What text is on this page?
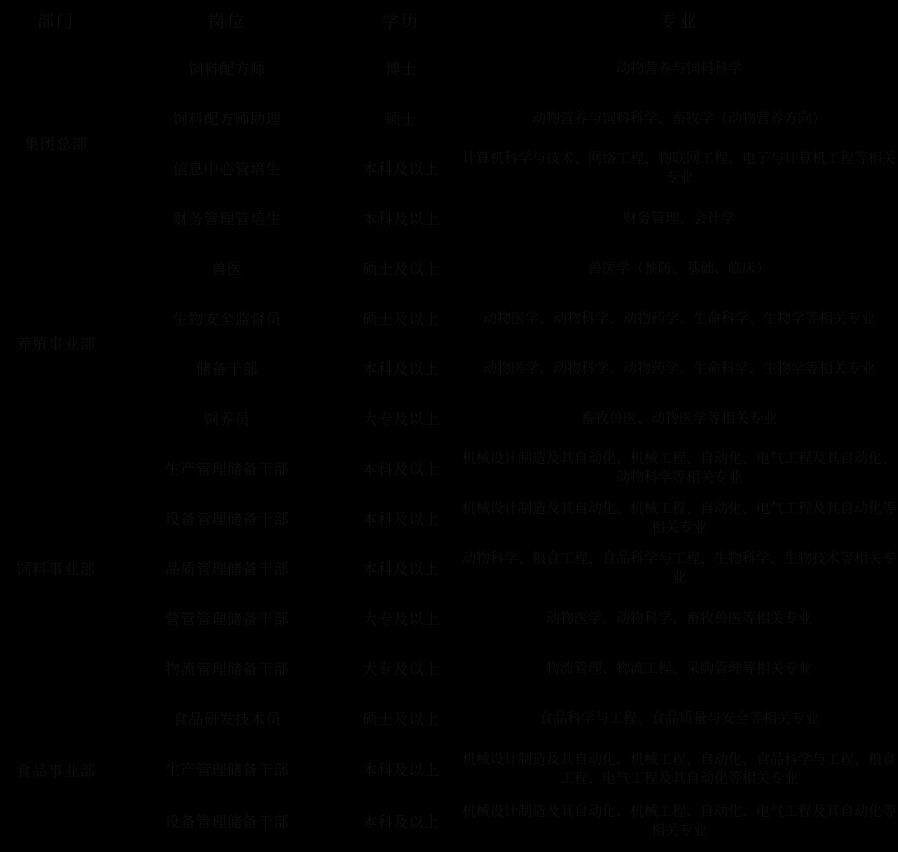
部门	岗位	学历	专业
集团总部	饲料配方师	博士	动物营养与饲料科学
	饲料配方师助理	硕士	动物营养与饲料科学、畜牧学（动物营养方向）
	信息中心管培生	本科及以上	计算机科学与技术、网络工程、物联网工程、电子与计算机工程等相关专业
	财务管理管培生	本科及以上	财务管理、会计学
养殖事业部	兽医	硕士及以上	兽医学（预防、基础、临床）
	生物安全监督员	硕士及以上	动物医学、动物科学、动物药学、生命科学、生物学等相关专业
	储备干部	本科及以上	动物医学、动物科学、动物药学、生命科学、生物学等相关专业
	饲养员	大专及以上	畜牧兽医、动物医学等相关专业
饲料事业部	生产管理储备干部	本科及以上	机械设计制造及其自动化、机械工程、自动化、电气工程及其自动化、动物科学等相关专业
	设备管理储备干部	本科及以上	机械设计制造及其自动化、机械工程、自动化、电气工程及其自动化等相关专业
	品质管理储备干部	本科及以上	动物科学、粮食工程、食品科学与工程、生物科学、生物技术等相关专业
	营管管理储备干部	大专及以上	动物医学、动物科学、畜牧兽医等相关专业
	物流管理储备干部	大专及以上	物流管理、物流工程、采购管理等相关专业
食品事业部	食品研发技术员	硕士及以上	食品科学与工程、食品质量与安全等相关专业
	生产管理储备干部	本科及以上	机械设计制造及其自动化、机械工程、自动化、食品科学与工程、粮食工程、电气工程及其自动化等相关专业
	设备管理储备干部	本科及以上	机械设计制造及其自动化、机械工程、自动化、电气工程及其自动化等相关专业
